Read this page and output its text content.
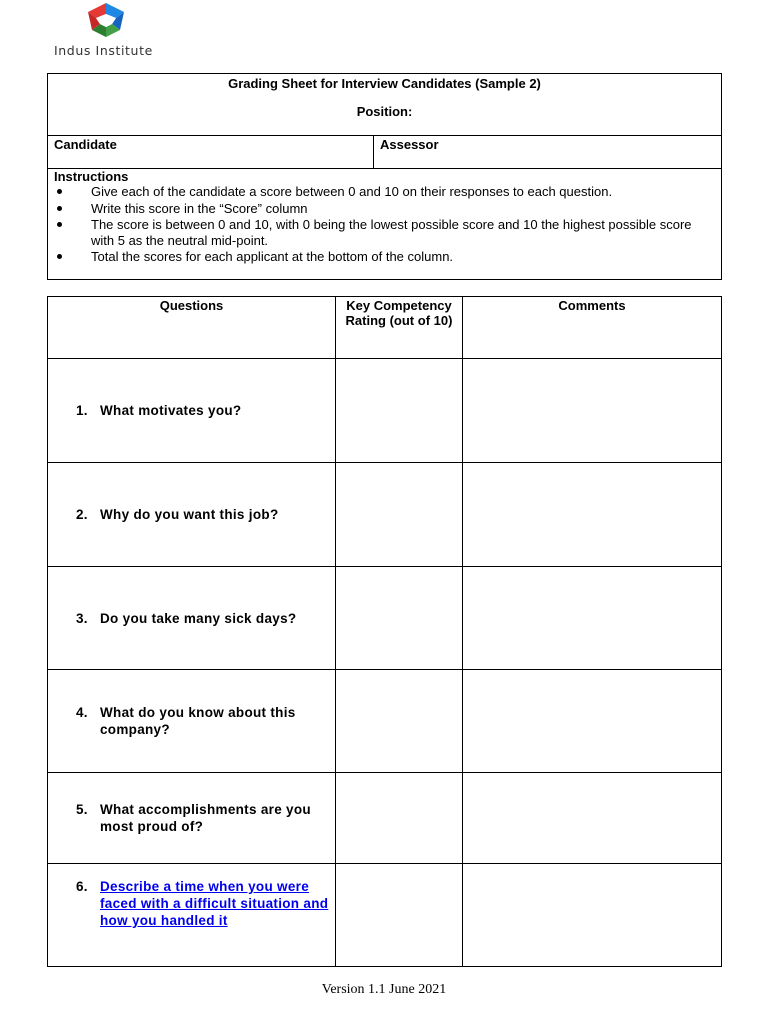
Indus Institute
Grading Sheet for Interview Candidates (Sample 2)
Position:

Candidate	Assessor

Instructions
Give each of the candidate a score between 0 and 10 on their responses to each question.
Write this score in the “Score” column
The score is between 0 and 10, with 0 being the lowest possible score and 10 the highest possible score with 5 as the neutral mid-point.
Total the scores for each applicant at the bottom of the column.
Questions	Key Competency Rating (out of 10)	Comments

1. What motivates you?		

2. Why do you want this job?		

3. Do you take many sick days?		

4. What do you know about this company?		

5. What accomplishments are you most proud of?		

6. Describe a time when you were faced with a difficult situation and how you handled it		

Version 1.1 June 2021
